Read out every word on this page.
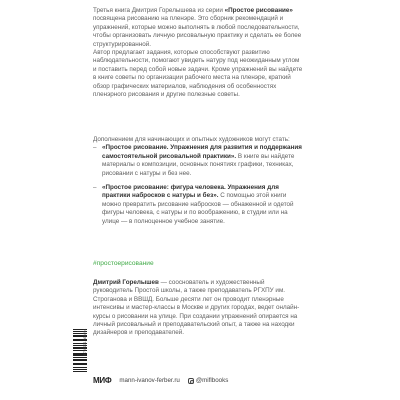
Третья книга Дмитрия Горелышева из серии «Простое рисование» посвящена рисованию на пленэре. Это сборник рекомендаций и упражнений, которые можно выполнять в любой последовательности, чтобы организовать личную рисовальную практику и сделать ее более структурированной.

Автор предлагает задания, которые способствуют развитию наблюдательности, помогают увидеть натуру под неожиданным углом и поставить перед собой новые задачи. Кроме упражнений вы найдете в книге советы по организации рабочего места на пленэре, краткий обзор графических материалов, наблюдения об особенностях пленэрного рисования и другие полезные советы.

Дополнением для начинающих и опытных художников могут стать:

– «Простое рисование. Упражнения для развития и поддержания самостоятельной рисовальной практики». В книге вы найдете материалы о композиции, основных понятиях графики, техниках, рисовании с натуры и без нее.

– «Простое рисование: фигура человека. Упражнения для практики набросков с натуры и без». С помощью этой книги можно превратить рисование набросков — обнаженной и одетой фигуры человека, с натуры и по воображению, в студии или на улице — в полноценное учебное занятие.

#простоерисование

Дмитрий Горелышев — сооснователь и художественный руководитель Простой школы, а также преподаватель РГХПУ им. Строганова и ВВШД. Больше десяти лет он проводит пленэрные интенсивы и мастер-классы в Москве и других городах, ведет онлайн-курсы о рисовании на улице. При создании упражнений опирается на личный рисовальный и преподавательский опыт, а также на находки дизайнеров и преподавателей.

9 785001 464694
МИФ mann-ivanov-ferber.ru	@miflbooks
